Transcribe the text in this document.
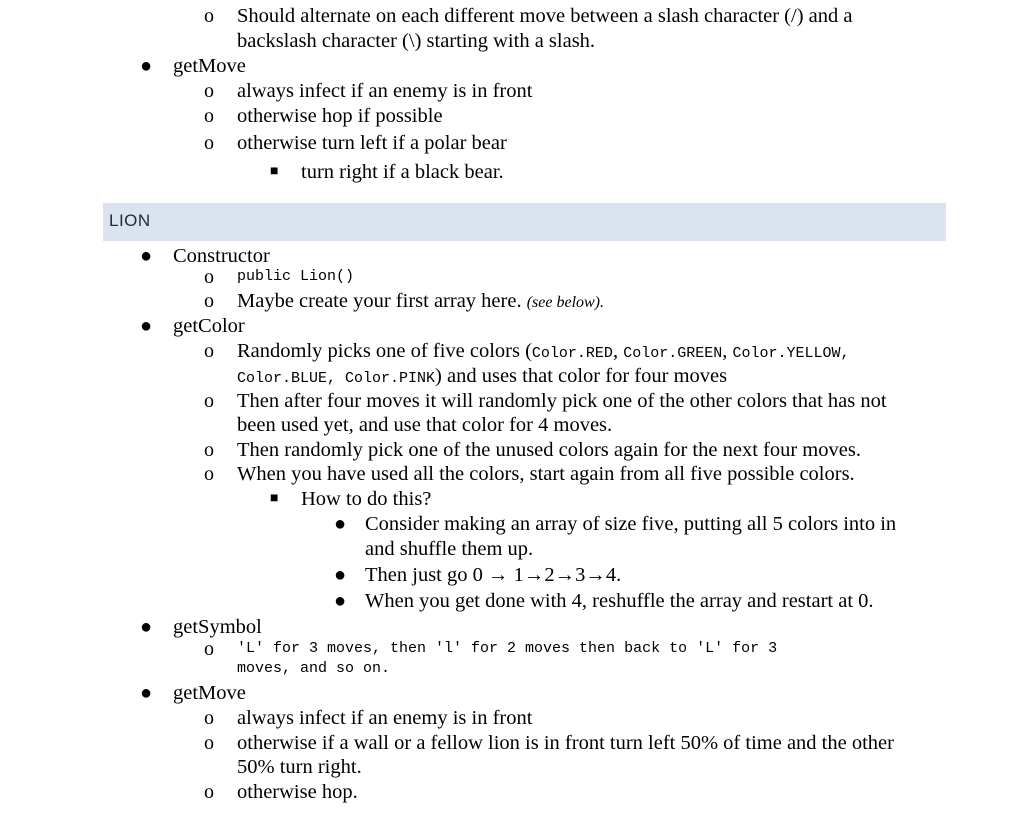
o Should alternate on each different move between a slash character (/) and a
backslash character (\) starting with a slash.
● getMove
o always infect if an enemy is in front
o otherwise hop if possible
o otherwise turn left if a polar bear
■ turn right if a black bear.
LION
● Constructor
o public Lion()
o Maybe create your first array here. (see below).
● getColor
o Randomly picks one of five colors (Color.RED, Color.GREEN, Color.YELLOW,
Color.BLUE, Color.PINK) and uses that color for four moves
o Then after four moves it will randomly pick one of the other colors that has not
been used yet, and use that color for 4 moves.
o Then randomly pick one of the unused colors again for the next four moves.
o When you have used all the colors, start again from all five possible colors.
■ How to do this?
● Consider making an array of size five, putting all 5 colors into in
and shuffle them up.
● Then just go 0 → 1→2→3→4.
● When you get done with 4, reshuffle the array and restart at 0.
● getSymbol
o 'L' for 3 moves, then 'l' for 2 moves then back to 'L' for 3
moves, and so on.
● getMove
o always infect if an enemy is in front
o otherwise if a wall or a fellow lion is in front turn left 50% of time and the other
50% turn right.
o otherwise hop.
